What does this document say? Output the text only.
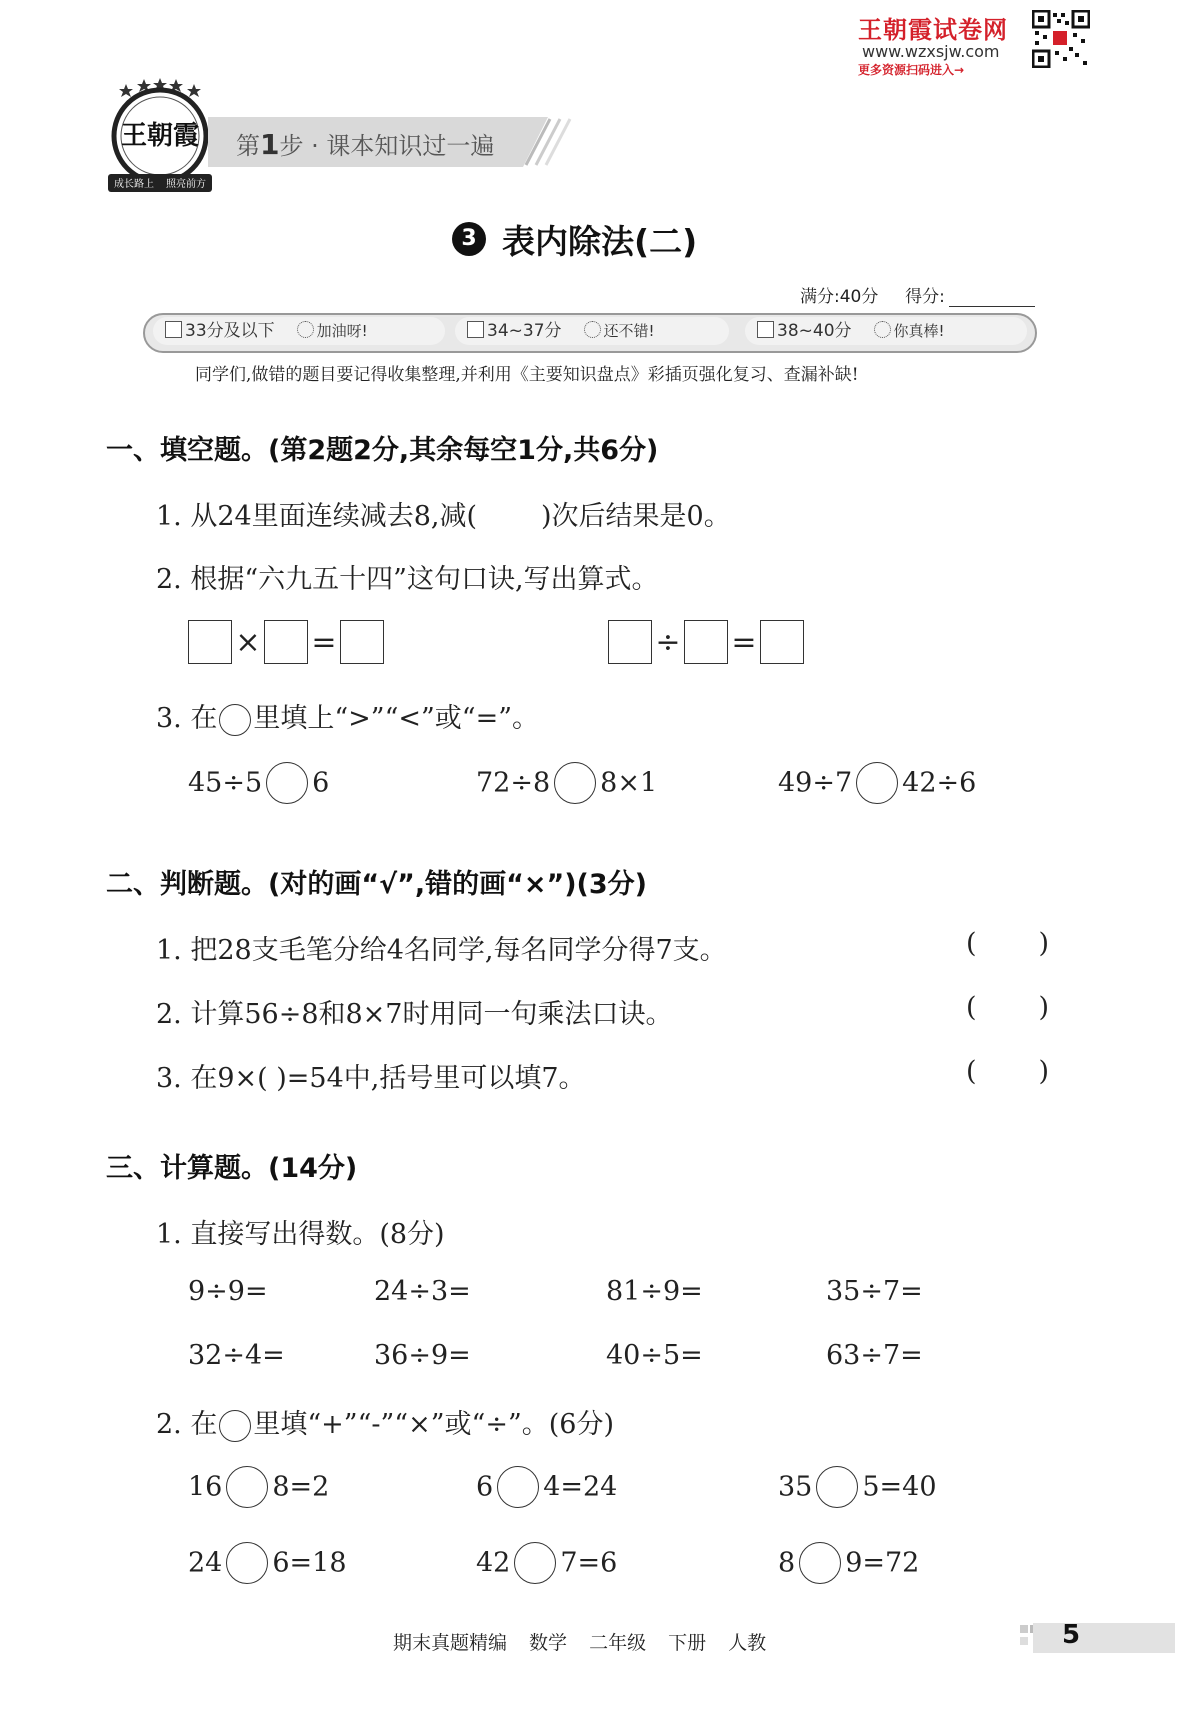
王朝霞试卷网
www.wzxsjw.com
更多资源扫码进入→
王朝霞
成长路上 照亮前方
第1步 · 课本知识过一遍
3 表内除法(二)
满分:40分 得分:
33分及以下	加油呀!	34~37分	还不错!	38~40分	你真棒!
同学们,做错的题目要记得收集整理,并利用《主要知识盘点》彩插页强化复习、查漏补缺!
一、填空题。(第2题2分,其余每空1分,共6分)
1. 从24里面连续减去8,减( )次后结果是0。
2. 根据“六九五十四”这句口诀,写出算式。
× =	÷ =
3. 在 里填上“>”“<”或“=”。
45÷5 6	72÷8 8×1	49÷7 42÷6
二、判断题。(对的画“√”,错的画“×”)(3分)
1. 把28支毛笔分给4名同学,每名同学分得7支。	( )
2. 计算56÷8和8×7时用同一句乘法口诀。	( )
3. 在9×( )=54中,括号里可以填7。	( )
三、计算题。(14分)
1. 直接写出得数。(8分)
9÷9=	24÷3=	81÷9=	35÷7=
32÷4=	36÷9=	40÷5=	63÷7=
2. 在 里填“+”“-”“×”或“÷”。(6分)
16 8=2	6 4=24	35 5=40
24 6=18	42 7=6	8 9=72
期末真题精编 数学 二年级 下册 人教	5
